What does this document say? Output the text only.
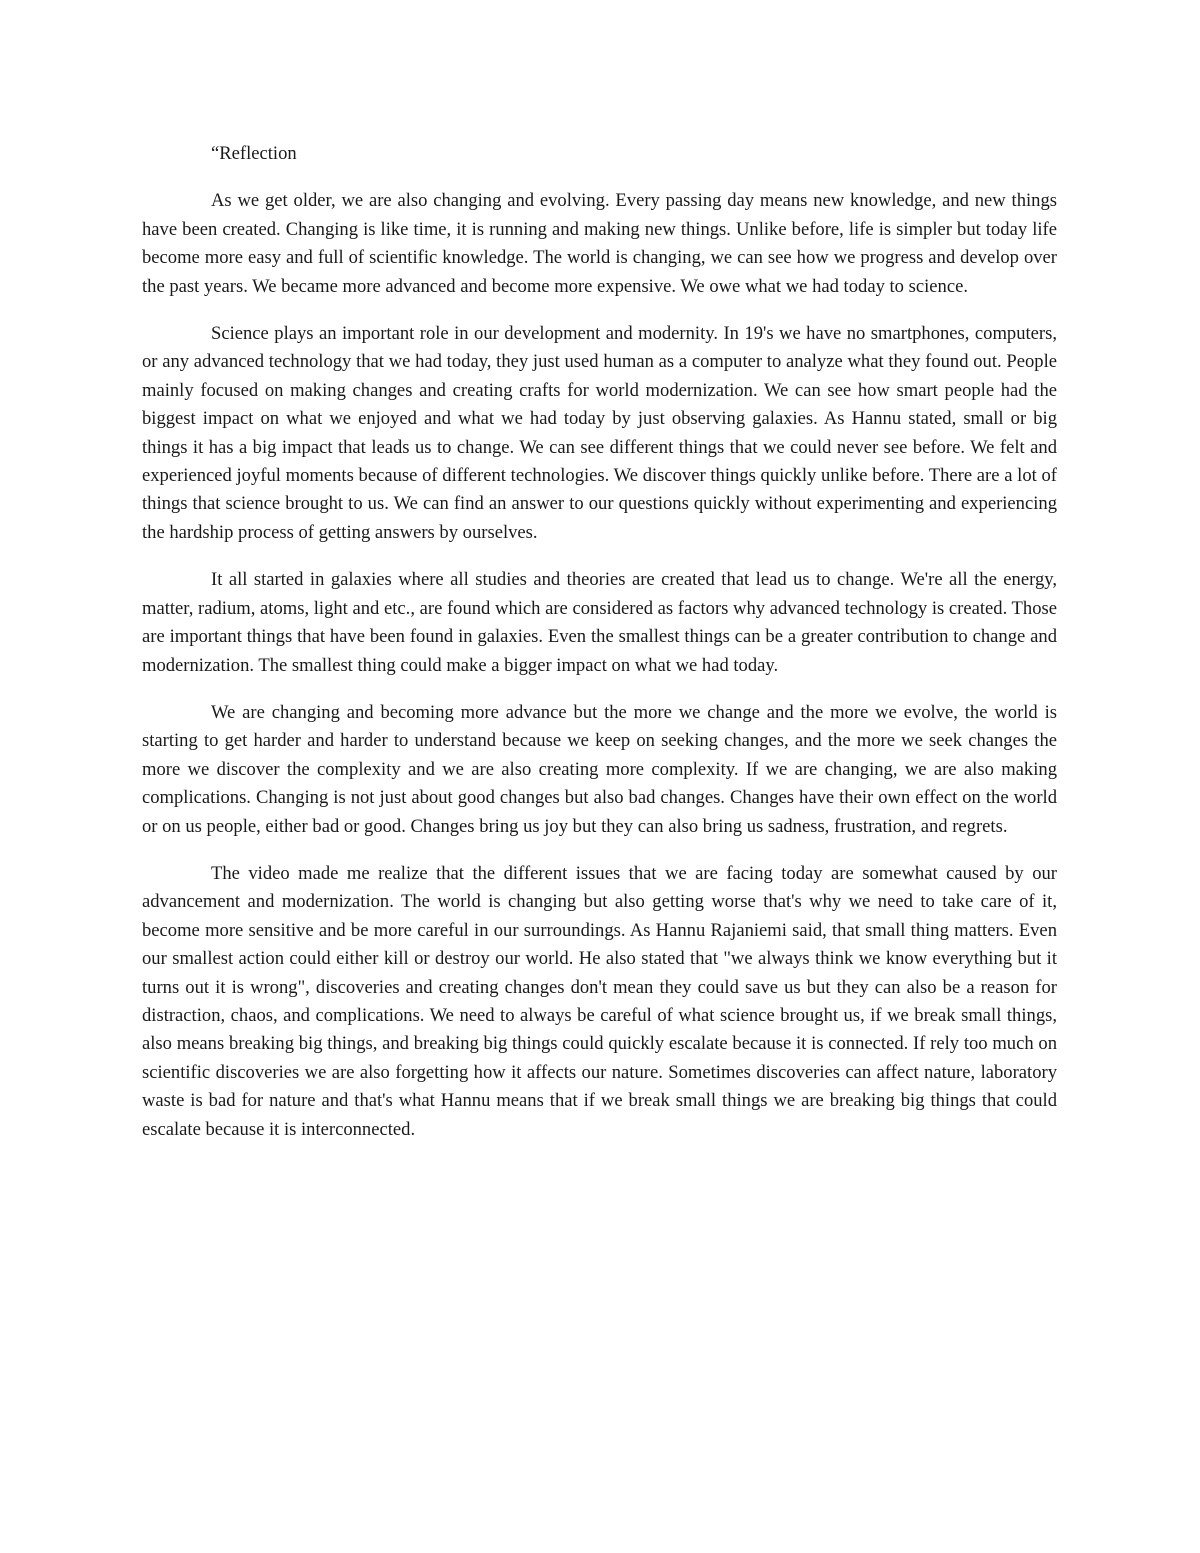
“Reflection

As we get older, we are also changing and evolving. Every passing day means new knowledge, and new things have been created. Changing is like time, it is running and making new things. Unlike before, life is simpler but today life become more easy and full of scientific knowledge. The world is changing, we can see how we progress and develop over the past years. We became more advanced and become more expensive. We owe what we had today to science.

Science plays an important role in our development and modernity. In 19's we have no smartphones, computers, or any advanced technology that we had today, they just used human as a computer to analyze what they found out. People mainly focused on making changes and creating crafts for world modernization. We can see how smart people had the biggest impact on what we enjoyed and what we had today by just observing galaxies. As Hannu stated, small or big things it has a big impact that leads us to change. We can see different things that we could never see before. We felt and experienced joyful moments because of different technologies. We discover things quickly unlike before. There are a lot of things that science brought to us. We can find an answer to our questions quickly without experimenting and experiencing the hardship process of getting answers by ourselves.

It all started in galaxies where all studies and theories are created that lead us to change. We're all the energy, matter, radium, atoms, light and etc., are found which are considered as factors why advanced technology is created. Those are important things that have been found in galaxies. Even the smallest things can be a greater contribution to change and modernization. The smallest thing could make a bigger impact on what we had today.

We are changing and becoming more advance but the more we change and the more we evolve, the world is starting to get harder and harder to understand because we keep on seeking changes, and the more we seek changes the more we discover the complexity and we are also creating more complexity. If we are changing, we are also making complications. Changing is not just about good changes but also bad changes. Changes have their own effect on the world or on us people, either bad or good. Changes bring us joy but they can also bring us sadness, frustration, and regrets.

The video made me realize that the different issues that we are facing today are somewhat caused by our advancement and modernization. The world is changing but also getting worse that's why we need to take care of it, become more sensitive and be more careful in our surroundings. As Hannu Rajaniemi said, that small thing matters. Even our smallest action could either kill or destroy our world. He also stated that "we always think we know everything but it turns out it is wrong", discoveries and creating changes don't mean they could save us but they can also be a reason for distraction, chaos, and complications. We need to always be careful of what science brought us, if we break small things, also means breaking big things, and breaking big things could quickly escalate because it is connected. If rely too much on scientific discoveries we are also forgetting how it affects our nature. Sometimes discoveries can affect nature, laboratory waste is bad for nature and that's what Hannu means that if we break small things we are breaking big things that could escalate because it is interconnected.
